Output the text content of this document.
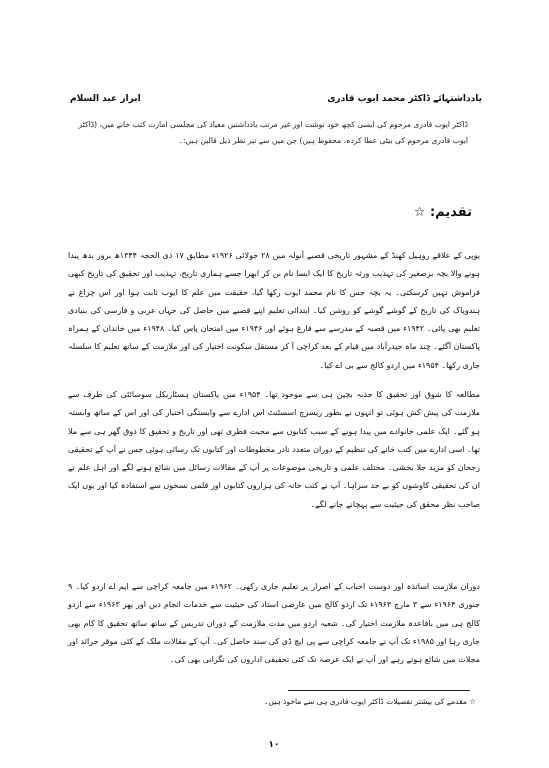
ابرار عبد السلام	یادداشتہائے ڈاکٹر محمد ایوب قادری
ڈاکٹر ایوب قادری مرحوم کی ایسی کچھ خود نوشت اور غیر مرتب یادداشتیں معیاد کی مجلسی امارت کتب خانے میں، (ڈاکٹر ایوب قادری مرحوم کی بیٹی عطا کردہ، محفوظ ہیں) جن میں سے تیر نظر ذیل قالین ہیں:۔
تقدیم: ☆
یوپی کے علاقے روہیل کھنڈ کے مشہور تاریخی قصبے آنولہ میں ۲۸ جولائی ۱۹۲۶ء مطابق ۱۷ ذی الحجہ ۱۳۴۴ھ بروز بدھ پیدا ہونے والا بچہ برصغیر کی تہذیب ورثہ تاریخ کا ایک ایسا نام بن کر ابھرا جسے ہماری تاریخ، تہذیب اور تحقیق کی تاریخ کبھی فراموش نہیں کرسکتی۔ یہ بچہ جس کا نام محمد ایوب رکھا گیا، حقیقت میں علم کا ایوب ثابت ہوا اور اس چراغ نے ہندوپاک کی تاریخ کے گوشے گوشے کو روشن کیا۔ ابتدائی تعلیم اپنے قصبے میں حاصل کی جہاں عربی و فارسی کی بنیادی تعلیم بھی پائی۔ ۱۹۴۲ء میں قصبہ کے مدرسے سے فارغ ہوئے اور ۱۹۴۶ء میں امتحان پاس کیا۔ ۱۹۴۸ء میں خاندان کے ہمراہ پاکستان آگئے۔ چند ماہ حیدرآباد میں قیام کے بعد کراچی آ کر مستقل سکونت اختیار کی اور ملازمت کے ساتھ تعلیم کا سلسلہ جاری رکھا۔ ۱۹۵۴ء میں اردو کالج سے بی اے کیا۔
مطالعہ کا شوق اور تحقیق کا جذبہ بچپن ہی سے موجود تھا۔ ۱۹۵۴ء میں پاکستان ہسٹاریکل سوسائٹی کی طرف سے ملازمت کی پیش کش ہوئی تو انہوں نے بطور ریسرچ اسسٹنٹ اس ادارے سے وابستگی اختیار کی اور اس کے ساتھ وابستہ ہو گئے۔ ایک علمی خانوادے میں پیدا ہونے کے سبب کتابوں سے محبت فطری تھی اور تاریخ و تحقیق کا ذوق گھر ہی سے ملا تھا۔ اسی ادارے میں کتب خانے کی تنظیم کے دوران متعدد نادر مخطوطات اور کتابوں تک رسائی ہوئی جس نے آپ کے تحقیقی رجحان کو مزید جلا بخشی۔ مختلف علمی و تاریخی موضوعات پر آپ کے مقالات رسائل میں شائع ہونے لگے اور اہل علم نے ان کی تحقیقی کاوشوں کو بے حد سراہا۔ آپ نے کتب خانہ کی ہزاروں کتابوں اور قلمی نسخوں سے استفادہ کیا اور یوں ایک صاحب نظر محقق کی حیثیت سے پہچانے جانے لگے۔
دوران ملازمت اساتذہ اور دوست احباب کے اصرار پر تعلیم جاری رکھی۔ ۱۹۶۲ء میں جامعہ کراچی سے ایم اے اردو کیا۔ ۹ جنوری ۱۹۶۴ء سے ۳ مارچ ۱۹۶۳ء تک اردو کالج میں عارضی استاد کی حیثیت سے خدمات انجام دیں اور پھر ۱۹۶۳ء سے اردو کالج ہی میں باقاعدہ ملازمت اختیار کی۔ شعبہ اردو میں مدت ملازمت کے دوران تدریس کے ساتھ ساتھ تحقیق کا کام بھی جاری رہا اور ۱۹۸۵ء تک آپ نے جامعہ کراچی سے پی ایچ ڈی کی سند حاصل کی۔ آپ کے مقالات ملک کے کئی موقر جرائد اور مجلات میں شائع ہوتے رہے اور آپ نے ایک عرصہ تک کئی تحقیقی اداروں کی نگرانی بھی کی۔
☆ مقدمے کی بیشتر تفصیلات ڈاکٹر ایوب قادری ہی سے ماخوذ ہیں۔
۱۰
